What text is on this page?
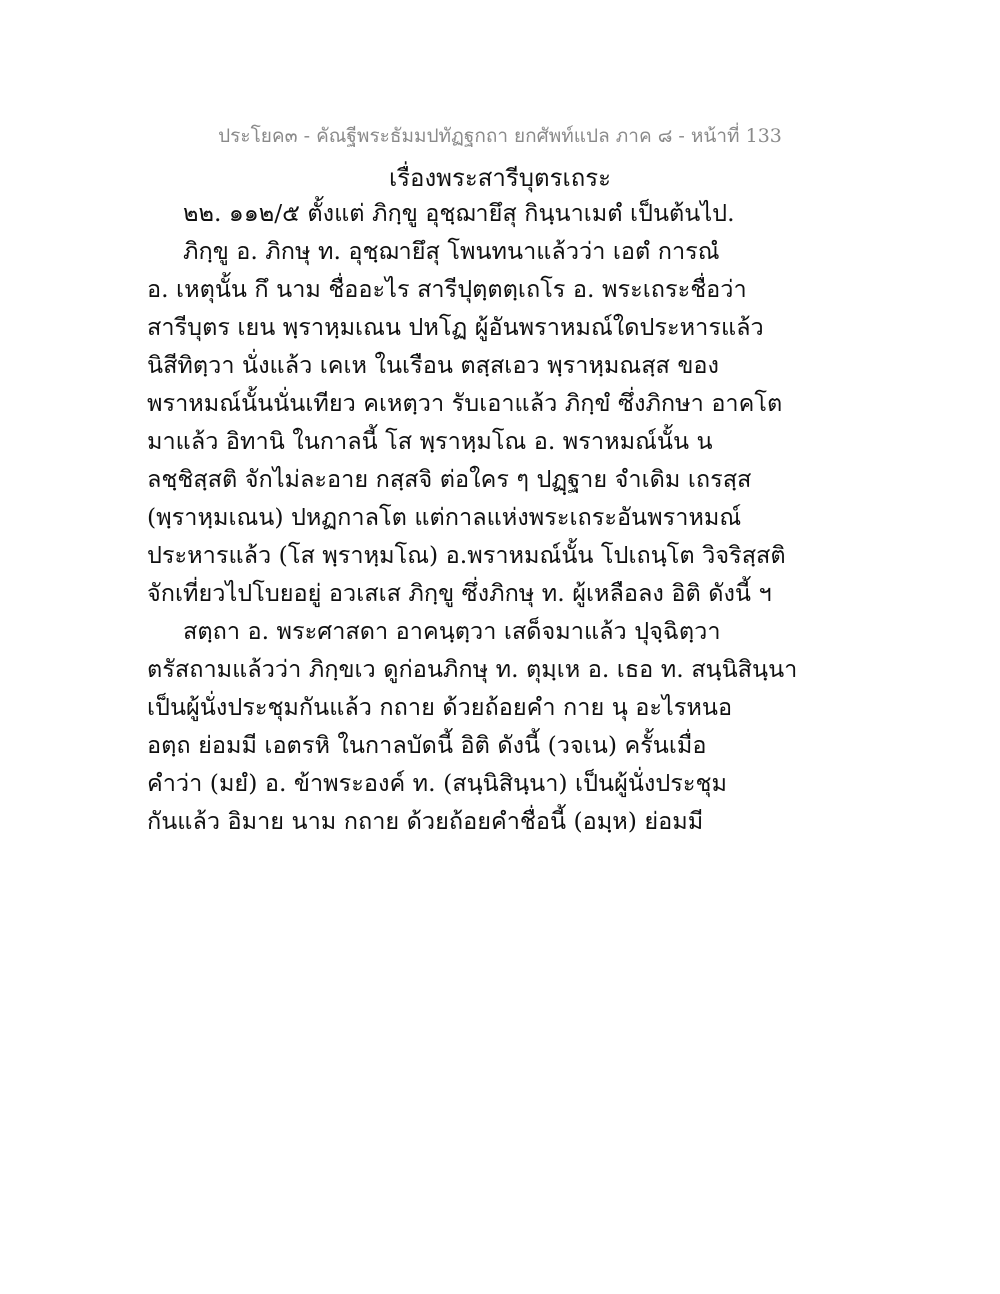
ประโยค๓ - คัณฐีพระธัมมปทัฏฐกถา ยกศัพท์แปล ภาค ๘ - หน้าที่ 133
เรื่องพระสารีบุตรเถระ
๒๒. ๑๑๒/๕ ตั้งแต่ ภิกฺขู อุชฺฌายึสุ กินฺนาเมตํ เป็นต้นไป.
ภิกฺขู อ. ภิกษุ ท. อุชฺฌายึสุ โพนทนาแล้วว่า เอตํ การณํ
อ. เหตุนั้น กึ นาม ชื่ออะไร สารีปุตฺตตฺเถโร อ. พระเถระชื่อว่า
สารีบุตร เยน พฺราหฺมเณน ปหโฏ ผู้อันพราหมณ์ใดประหารแล้ว
นิสีทิตฺวา นั่งแล้ว เคเห ในเรือน ตสฺสเอว พฺราหฺมณสฺส ของ
พราหมณ์นั้นนั่นเทียว คเหตฺวา รับเอาแล้ว ภิกฺขํ ซึ่งภิกษา อาคโต
มาแล้ว อิทานิ ในกาลนี้ โส พฺราหฺมโณ อ. พราหมณ์นั้น น
ลชฺชิสฺสติ จักไม่ละอาย กสฺสจิ ต่อใคร ๆ ปฏฺฐาย จำเดิม เถรสฺส
(พฺราหฺมเณน) ปหฏกาลโต แต่กาลแห่งพระเถระอันพราหมณ์
ประหารแล้ว (โส พฺราหฺมโณ) อ.พราหมณ์นั้น โปเถนฺโต วิจริสฺสติ
จักเที่ยวไปโบยอยู่ อวเสเส ภิกฺขู ซึ่งภิกษุ ท. ผู้เหลือลง อิติ ดังนี้ ฯ
สตฺถา อ. พระศาสดา อาคนฺตฺวา เสด็จมาแล้ว ปุจฺฉิตฺวา
ตรัสถามแล้วว่า ภิกฺขเว ดูก่อนภิกษุ ท. ตุมฺเห อ. เธอ ท. สนฺนิสินฺนา
เป็นผู้นั่งประชุมกันแล้ว กถาย ด้วยถ้อยคำ กาย นุ อะไรหนอ
อตฺถ ย่อมมี เอตรหิ ในกาลบัดนี้ อิติ ดังนี้ (วจเน) ครั้นเมื่อ
คำว่า (มยํ) อ. ข้าพระองค์ ท. (สนฺนิสินฺนา) เป็นผู้นั่งประชุม
กันแล้ว อิมาย นาม กถาย ด้วยถ้อยคำชื่อนี้ (อมฺห) ย่อมมี
